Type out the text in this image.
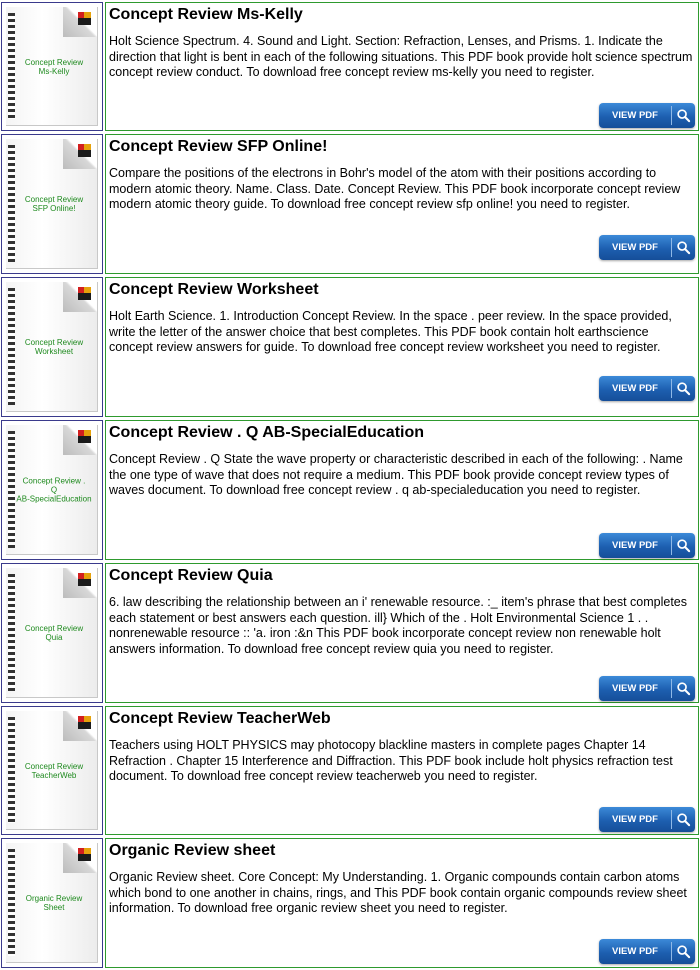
Concept Review
Ms-Kelly
Concept Review Ms-Kelly
Holt Science Spectrum. 4. Sound and Light. Section: Refraction, Lenses, and Prisms. 1. Indicate the direction that light is bent in each of the following situations. This PDF book provide holt science spectrum concept review conduct. To download free concept review ms-kelly you need to register.
VIEW PDF
Concept Review
SFP Online!
Concept Review SFP Online!
Compare the positions of the electrons in Bohr's model of the atom with their positions according to modern atomic theory. Name. Class. Date. Concept Review. This PDF book incorporate concept review modern atomic theory guide. To download free concept review sfp online! you need to register.
VIEW PDF
Concept Review
Worksheet
Concept Review Worksheet
Holt Earth Science. 1. Introduction Concept Review. In the space . peer review. In the space provided, write the letter of the answer choice that best completes. This PDF book contain holt earthscience concept review answers for guide. To download free concept review worksheet you need to register.
VIEW PDF
Concept Review .
Q
AB-SpecialEducation
Concept Review . Q AB-SpecialEducation
Concept Review . Q State the wave property or characteristic described in each of the following: . Name the one type of wave that does not require a medium. This PDF book provide concept review types of waves document. To download free concept review . q ab-specialeducation you need to register.
VIEW PDF
Concept Review
Quia
Concept Review Quia
6. law describing the relationship between an i' renewable resource. :_ item's phrase that best completes each statement or best answers each question. ill} Which of the . Holt Environmental Science 1 . . nonrenewable resource :: 'a. iron :&n This PDF book incorporate concept review non renewable holt answers information. To download free concept review quia you need to register.
VIEW PDF
Concept Review
TeacherWeb
Concept Review TeacherWeb
Teachers using HOLT PHYSICS may photocopy blackline masters in complete pages Chapter 14 Refraction . Chapter 15 Interference and Diffraction. This PDF book include holt physics refraction test document. To download free concept review teacherweb you need to register.
VIEW PDF
Organic Review
Sheet
Organic Review sheet
Organic Review sheet. Core Concept: My Understanding. 1. Organic compounds contain carbon atoms which bond to one another in chains, rings, and This PDF book contain organic compounds review sheet information. To download free organic review sheet you need to register.
VIEW PDF
